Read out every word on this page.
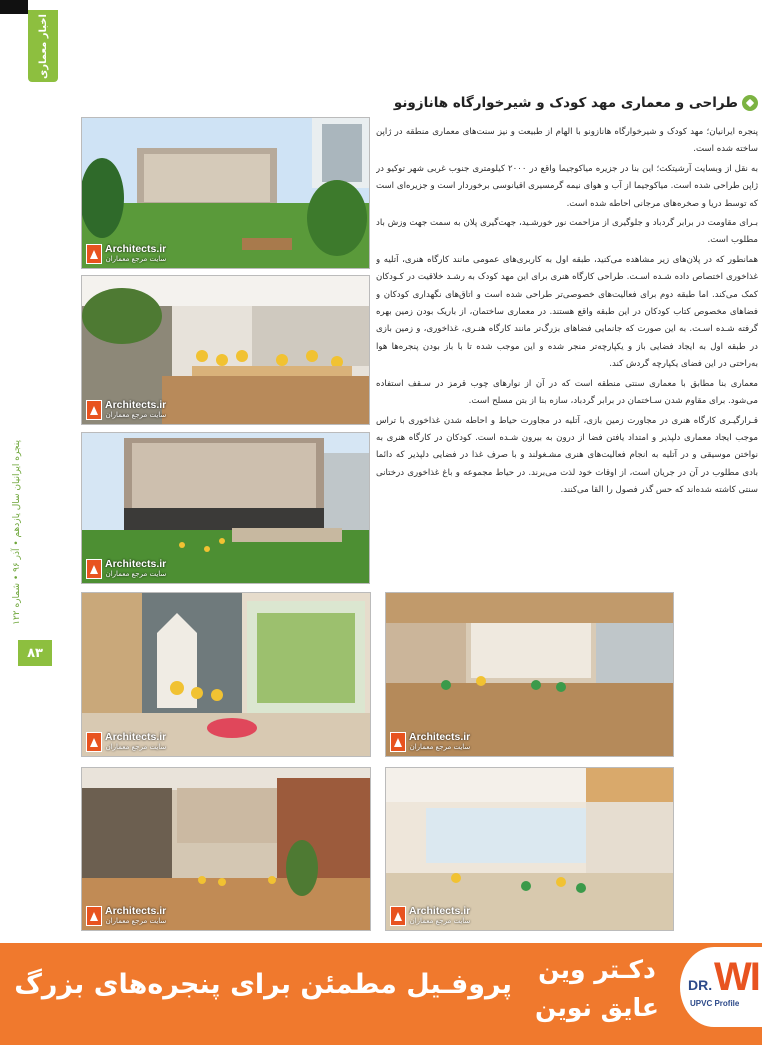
اخبار معماری
پنجره ایرانیان سال یازدهم • آذر ۹۶ • شماره ۱۲۲
۸۳
طراحی و معماری مهد کودک و شیرخوارگاه هانازونو

پنجره ایرانیان؛ مهد کودک و شیرخوارگاه هانازونو با الهام از طبیعت و نیز سنت‌های معماری منطقه در ژاپن ساخته شده است.

به نقل از وبسایت آرشیتکت؛ این بنا در جزیره میاکوجیما واقع در ۲۰۰۰ کیلومتری جنوب غربی شهر توکیو در ژاپن طراحی شده است. میاکوجیما از آب و هوای نیمه گرمسیری اقیانوسی برخوردار است و جزیره‌ای است که توسط دریا و صخره‌های مرجانی احاطه شده است.

بـرای مقاومت در برابر گردباد و جلوگیری از مزاحمت نور خورشـید، جهت‌گیری پلان به سمت جهت وزش باد مطلوب است.

همانطور که در پلان‌های زیر مشاهده می‌کنید، طبقه اول به کاربری‌های عمومی مانند کارگاه هنری، آتلیه و غذاخوری اختصاص داده شـده اسـت. طراحی کارگاه هنری برای این مهد کودک به رشـد خلاقیت در کـودکان کمک می‌کند. اما طبقه دوم برای فعالیت‌های خصوصی‌تر طراحی شده است و اتاق‌های نگهداری کودکان و فضاهای مخصوص کتاب کودکان در این طبقه واقع هستند. در معماری ساختمان، از باریک بودن زمین بهره گرفته شـده اسـت. به این صورت که جانمایی فضاهای بزرگ‌تر مانند کارگاه هنـری، غذاخوری، و زمین بازی در طبقه اول به ایجاد فضایی باز و یکپارچه‌تر منجر شده و این موجب شده تا با باز بودن پنجره‌ها هوا به‌راحتی در این فضای یکپارچه گردش کند.

معماری بنا مطابق با معماری سنتی منطقه است که در آن از نوارهای چوب قرمز در سـقف استفاده می‌شود. برای مقاوم شدن سـاختمان در برابر گردباد، سازه بنا از بتن مسلح است.

قـرارگیـری کارگاه هنری در مجاورت زمین بازی، آتلیه در مجاورت حیاط و احاطه شدن غذاخوری با تراس موجب ایجاد معماری دلپذیر و امتداد یافتن فضا از درون به بیرون شـده است. کودکان در کارگاه هنری به نواختن موسیقی و در آتلیه به انجام فعالیت‌های هنری مشـغولند و با صرف غذا در فضایی دلپذیر که دائما بادی مطلوب در آن در جریان است، از اوقات خود لذت می‌برند. در حیاط مجموعه و باغ غذاخوری درختانی سنتی کاشته شده‌اند که حس گذر فصول را القا می‌کنند.

Architects.ir
سایت مرجع معماران
Architects.ir
سایت مرجع معماران
Architects.ir
سایت مرجع معماران
Architects.ir
سایت مرجع معماران
Architects.ir
سایت مرجع معماران
Architects.ir
سایت مرجع معماران
Architects.ir
سایت مرجع معماران
پروفـیل مطمئن برای پنجره‌های بزرگ	دکـتر وین
عایق نوین
DR. WI
UPVC Profile
